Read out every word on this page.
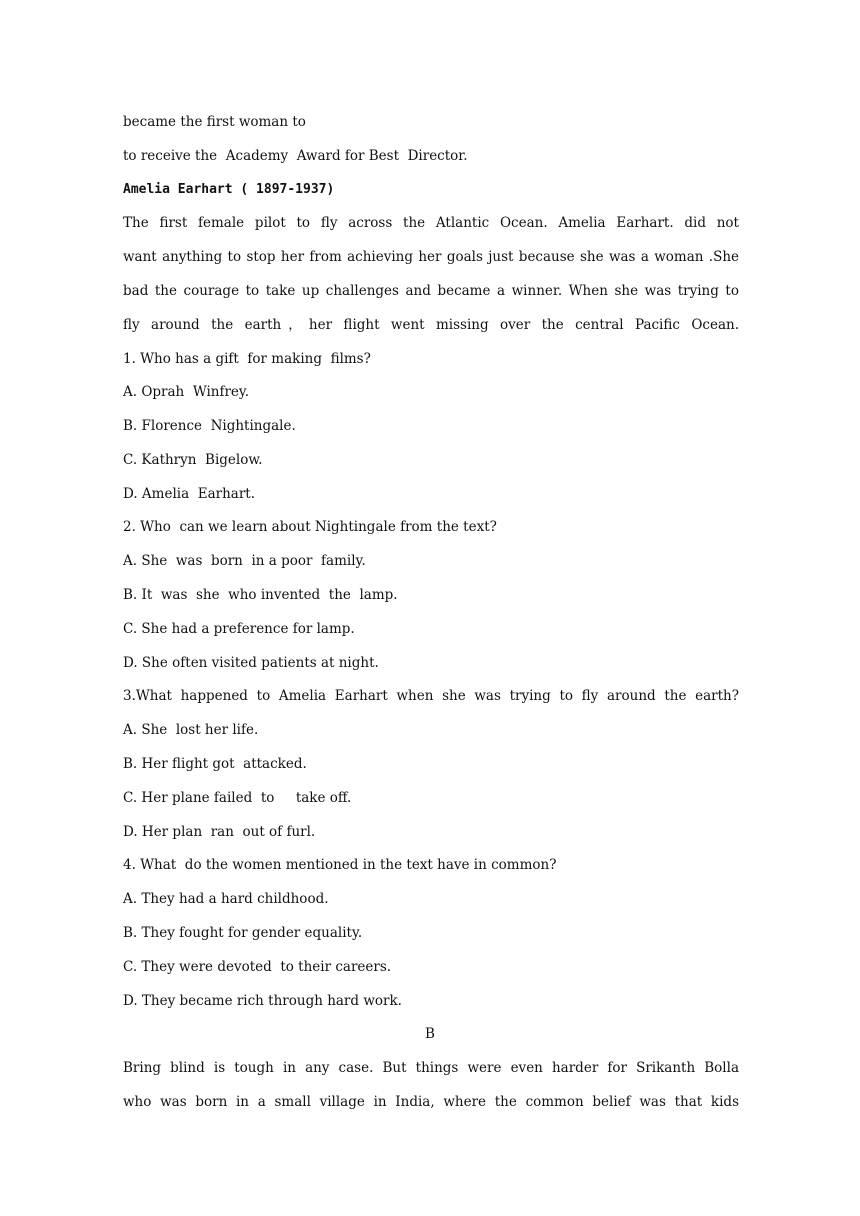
became the first woman to
to receive the  Academy  Award for Best  Director.
Amelia Earhart ( 1897-1937)
The first female pilot to fly across the Atlantic Ocean. Amelia Earhart. did not
want anything to stop her from achieving her goals just because she was a woman .She
bad the courage to take up challenges and became a winner. When she was trying to
fly around the earth，her flight went missing over the central Pacific Ocean.
1. Who has a gift  for making  films?
A. Oprah  Winfrey.
B. Florence  Nightingale.
C. Kathryn  Bigelow.
D. Amelia  Earhart.
2. Who  can we learn about Nightingale from the text?
A. She  was  born  in a poor  family.
B. It  was  she  who invented  the  lamp.
C. She had a preference for lamp.
D. She often visited patients at night.
3.What happened to Amelia Earhart when she was trying to fly around the earth?
A. She  lost her life.
B. Her flight got  attacked.
C. Her plane failed  to     take off.
D. Her plan  ran  out of furl.
4. What  do the women mentioned in the text have in common?
A. They had a hard childhood.
B. They fought for gender equality.
C. They were devoted  to their careers.
D. They became rich through hard work.
B
Bring blind is tough in any case. But things were even harder for Srikanth Bolla
who was born in a small village in India, where the common belief was that kids
